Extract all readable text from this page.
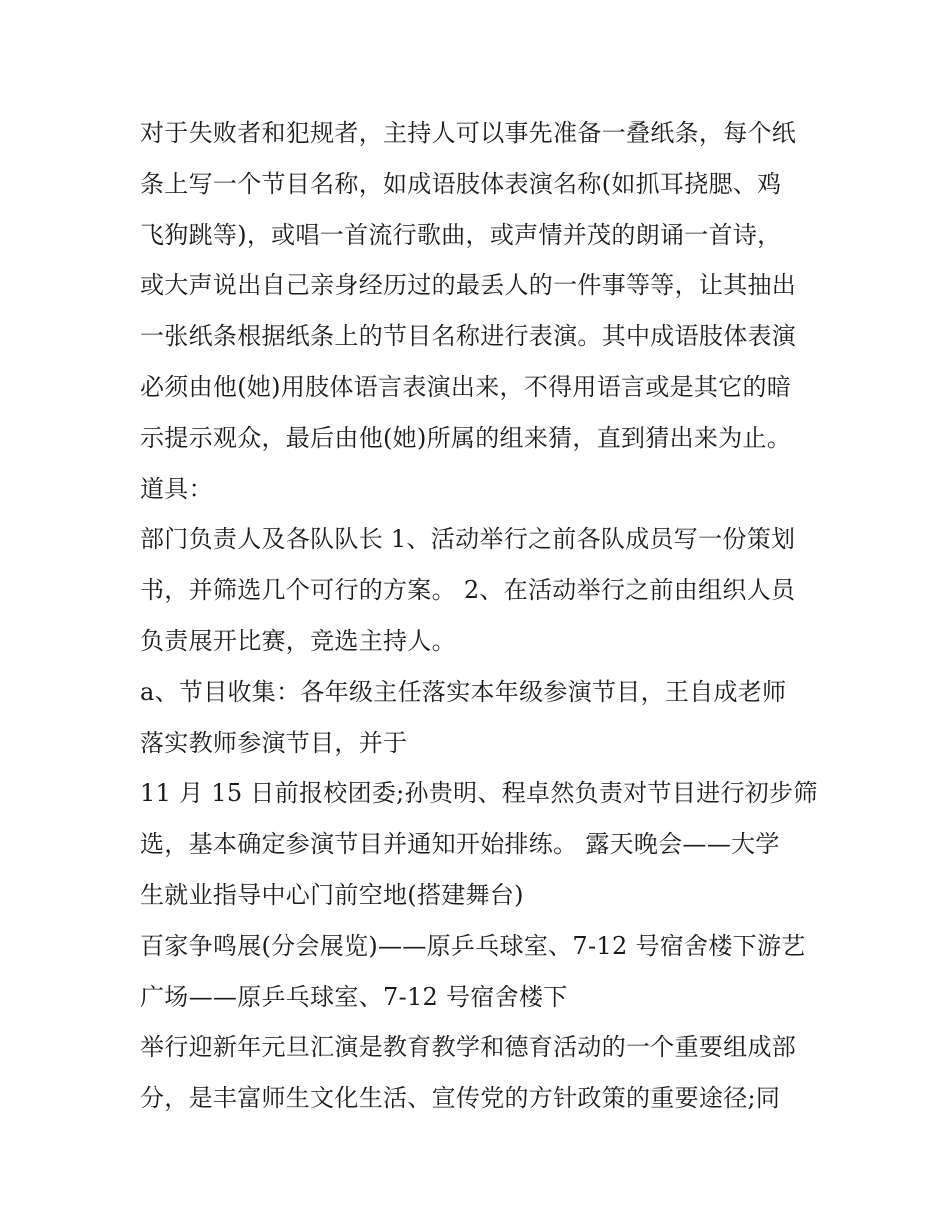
对于失败者和犯规者，主持人可以事先准备一叠纸条，每个纸
条上写一个节目名称，如成语肢体表演名称(如抓耳挠腮、鸡
飞狗跳等)，或唱一首流行歌曲，或声情并茂的朗诵一首诗，
或大声说出自己亲身经历过的最丢人的一件事等等，让其抽出
一张纸条根据纸条上的节目名称进行表演。其中成语肢体表演
必须由他(她)用肢体语言表演出来，不得用语言或是其它的暗
示提示观众，最后由他(她)所属的组来猜，直到猜出来为止。
道具：
部门负责人及各队队长 1、活动举行之前各队成员写一份策划
书，并筛选几个可行的方案。 2、在活动举行之前由组织人员
负责展开比赛，竞选主持人。
a、节目收集：各年级主任落实本年级参演节目，王自成老师
落实教师参演节目，并于
11 月 15 日前报校团委;孙贵明、程卓然负责对节目进行初步筛
选，基本确定参演节目并通知开始排练。 露天晚会——大学
生就业指导中心门前空地(搭建舞台)
百家争鸣展(分会展览)——原乒乓球室、7-12 号宿舍楼下游艺
广场——原乒乓球室、7-12 号宿舍楼下
举行迎新年元旦汇演是教育教学和德育活动的一个重要组成部
分，是丰富师生文化生活、宣传党的方针政策的重要途径;同
